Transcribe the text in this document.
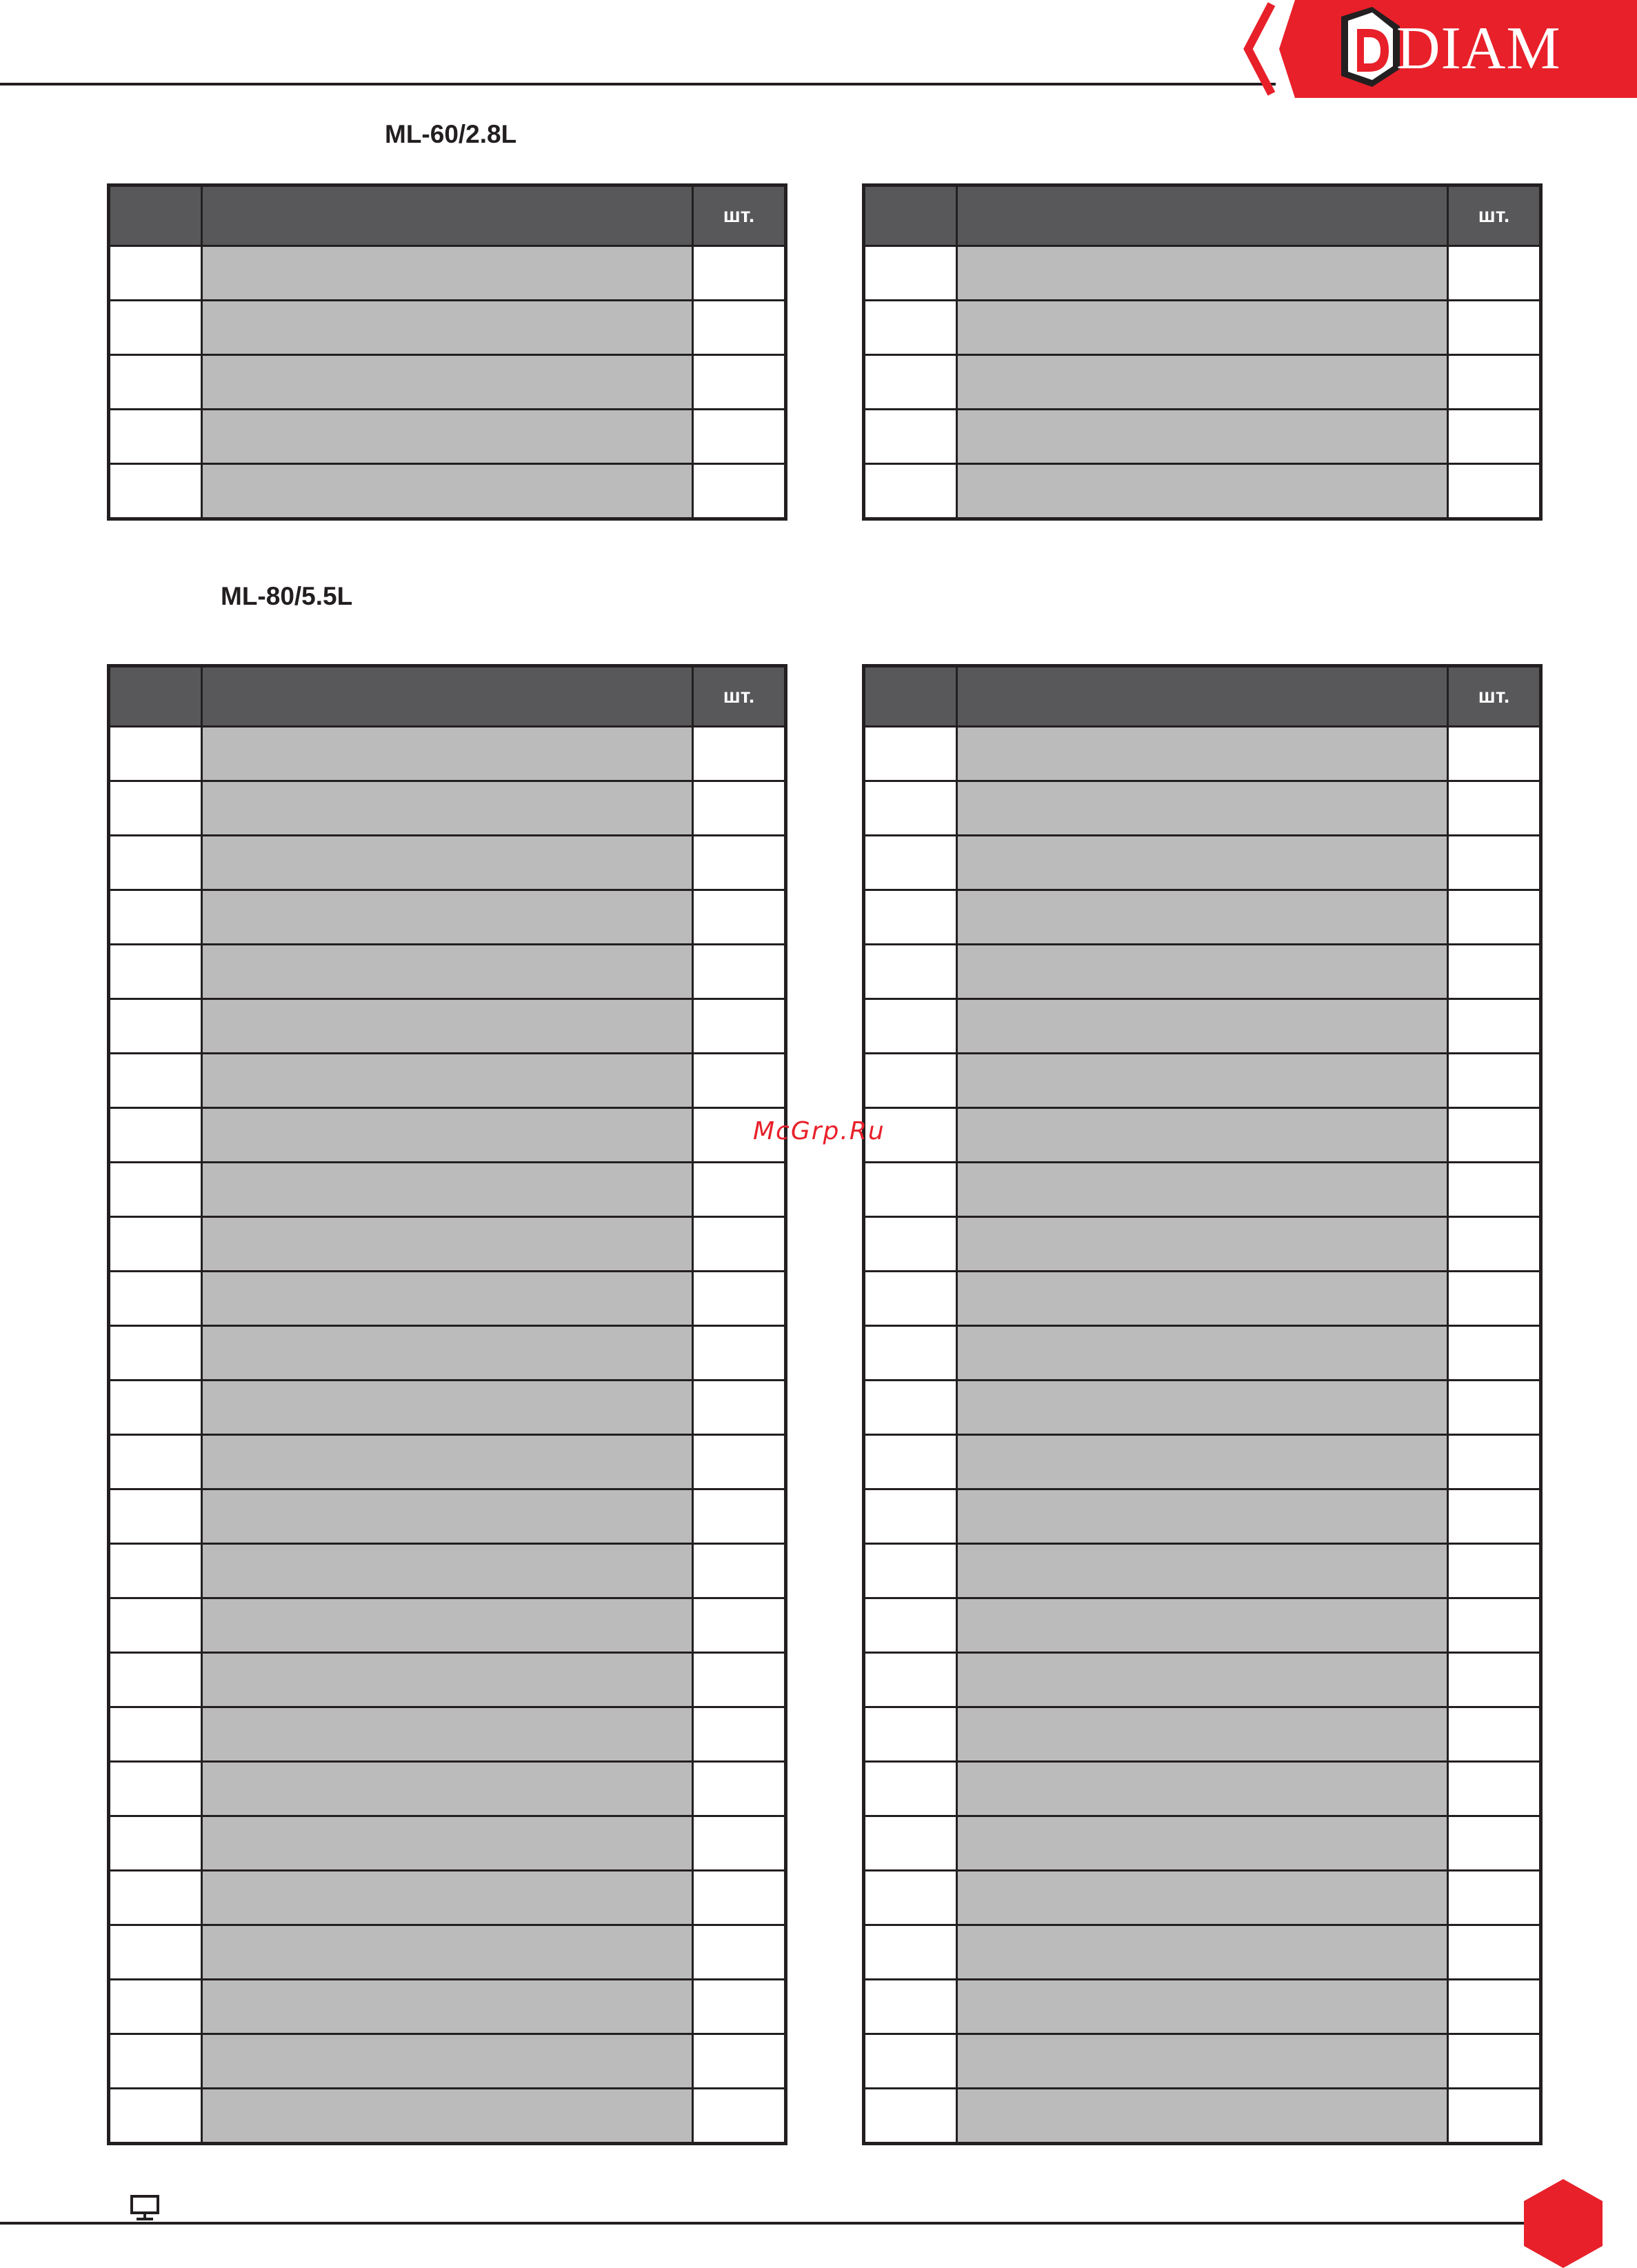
DIAM

ML-60/2.8L

		шт.

			шт.

ML-80/5.5L

		шт.

			шт.

McGrp.Ru
